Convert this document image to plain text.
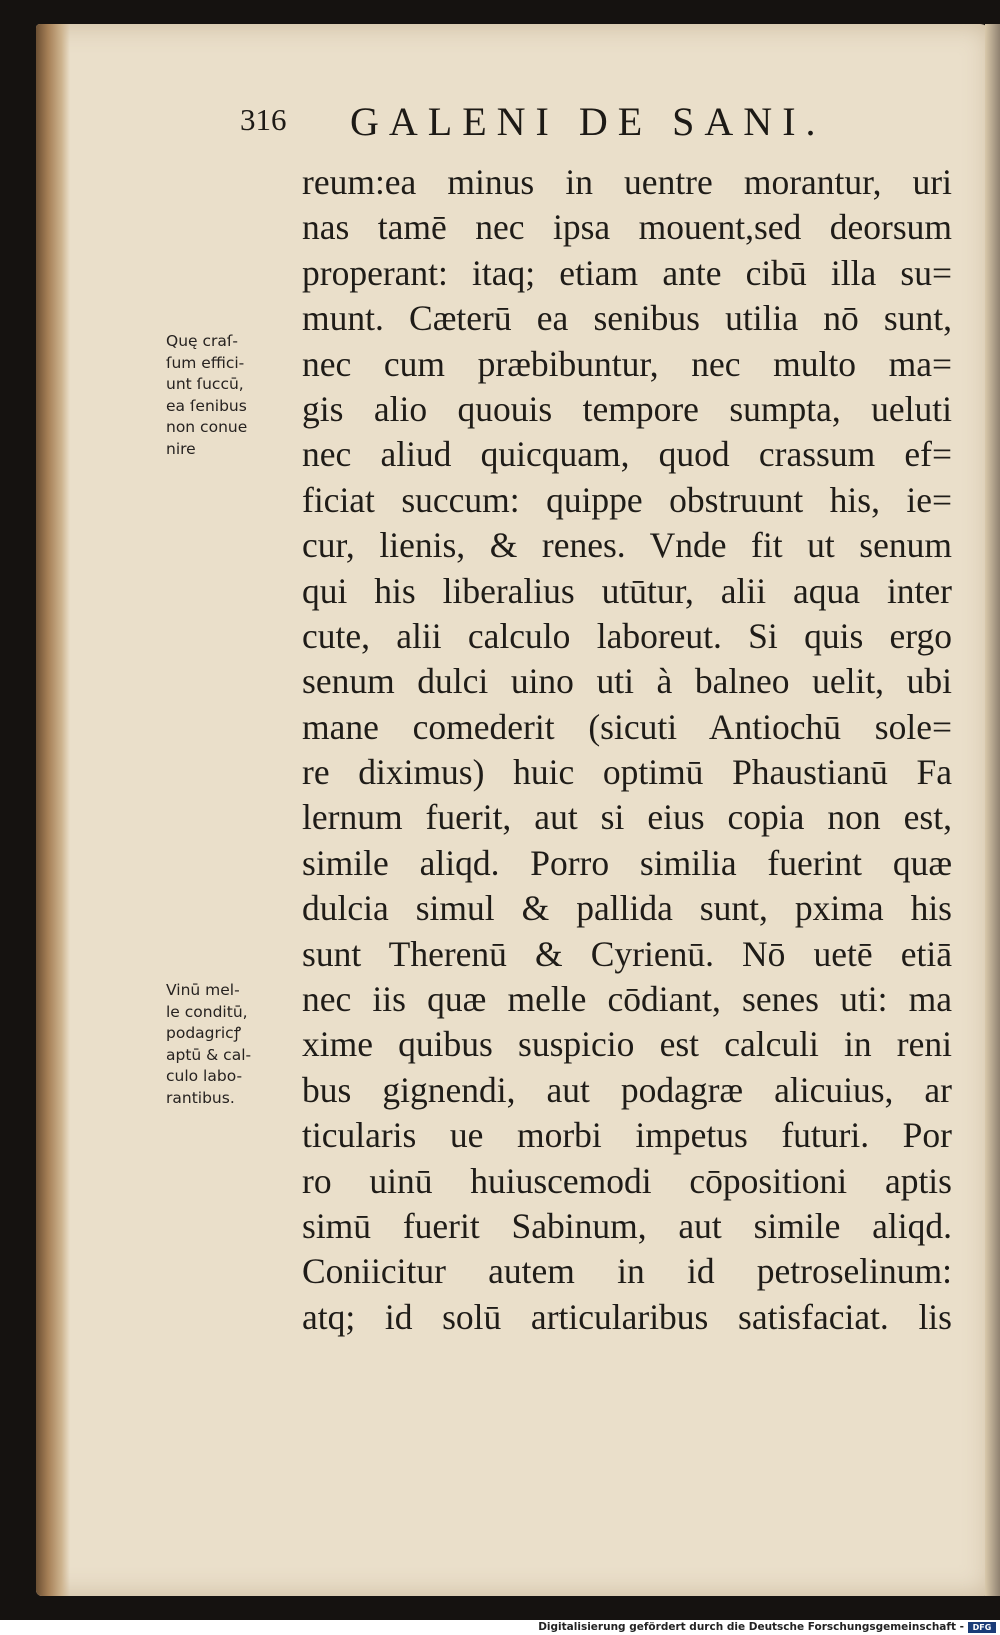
316 GALENI DE SANI.
Quę craſ-
ſum effici-
unt ſuccū,
ea ſenibus
non conue
nire
Vinū mel-
le conditū,
podagricꝭ
aptū & cal-
culo labo-
rantibus.
reum:ea minus in uentre morantur, uri
nas tamē nec ipsa mouent,sed deorsum
properant: itaq; etiam ante cibū illa su=
munt. Cæterū ea senibus utilia nō sunt,
nec cum præbibuntur, nec multo ma=
gis alio quouis tempore sumpta, ueluti
nec aliud quicquam, quod crassum ef=
ficiat succum: quippe obstruunt his, ie=
cur, lienis, & renes. Vnde fit ut senum
qui his liberalius utūtur, alii aqua inter
cute, alii calculo laboreut. Si quis ergo
senum dulci uino uti à balneo uelit, ubi
mane comederit (sicuti Antiochū sole=
re diximus) huic optimū Phaustianū Fa
lernum fuerit, aut si eius copia non est,
simile aliqd. Porro similia fuerint quæ
dulcia simul & pallida sunt, pxima his
sunt Therenū & Cyrienū. Nō uetē etiā
nec iis quæ melle cōdiant, senes uti: ma
xime quibus suspicio est calculi in reni
bus gignendi, aut podagræ alicuius, ar
ticularis ue morbi impetus futuri. Por
ro uinū huiuscemodi cōpositioni aptis
simū fuerit Sabinum, aut simile aliqd.
Coniicitur autem in id petroselinum:
atq; id solū articularibus satisfaciat. lis
Digitalisierung gefördert durch die Deutsche Forschungsgemeinschaft -	DFG
